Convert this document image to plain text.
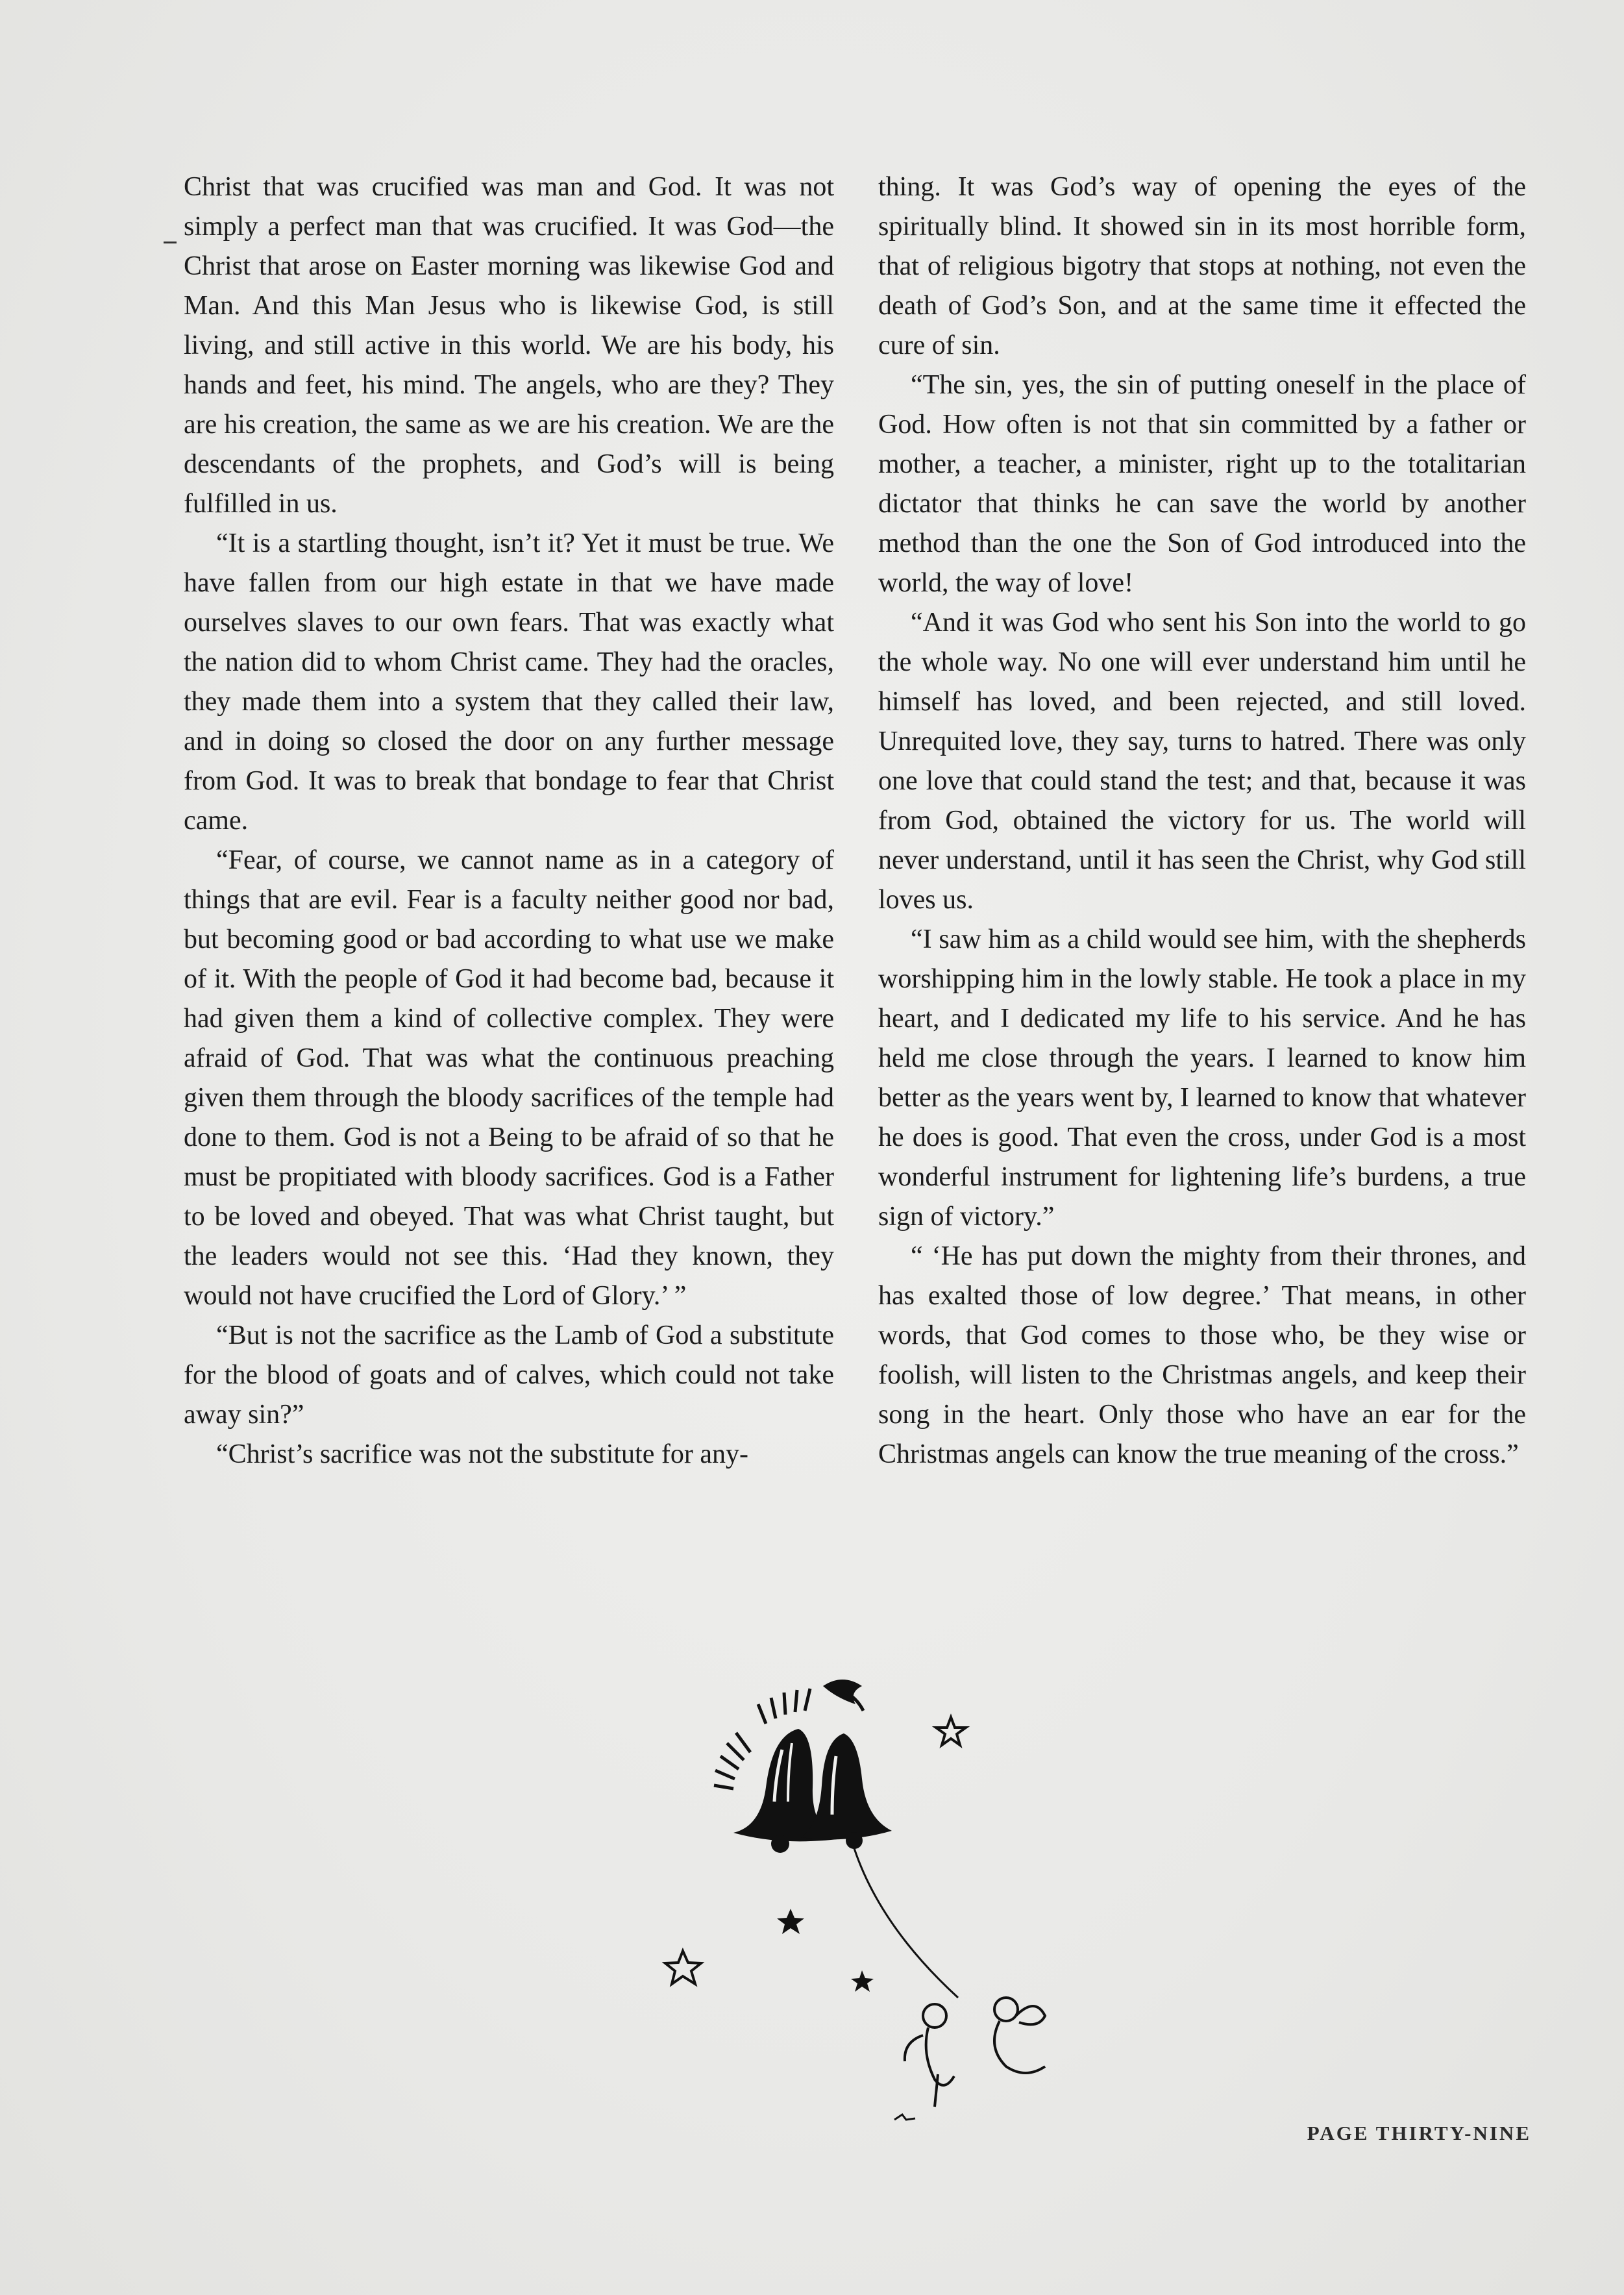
Christ that was crucified was man and God. It was not simply a perfect man that was crucified. It was God—the Christ that arose on Easter morning was likewise God and Man. And this Man Jesus who is likewise God, is still living, and still active in this world. We are his body, his hands and feet, his mind. The angels, who are they? They are his creation, the same as we are his creation. We are the descendants of the prophets, and God’s will is being fulfilled in us.

“It is a startling thought, isn’t it? Yet it must be true. We have fallen from our high estate in that we have made ourselves slaves to our own fears. That was exactly what the nation did to whom Christ came. They had the oracles, they made them into a system that they called their law, and in doing so closed the door on any further message from God. It was to break that bondage to fear that Christ came.

“Fear, of course, we cannot name as in a category of things that are evil. Fear is a faculty neither good nor bad, but becoming good or bad according to what use we make of it. With the people of God it had become bad, because it had given them a kind of collective complex. They were afraid of God. That was what the continuous preaching given them through the bloody sacrifices of the temple had done to them. God is not a Being to be afraid of so that he must be propitiated with bloody sacrifices. God is a Father to be loved and obeyed. That was what Christ taught, but the leaders would not see this. ‘Had they known, they would not have crucified the Lord of Glory.’ ”

“But is not the sacrifice as the Lamb of God a substitute for the blood of goats and of calves, which could not take away sin?”

“Christ’s sacrifice was not the substitute for any-

thing. It was God’s way of opening the eyes of the spiritually blind. It showed sin in its most horrible form, that of religious bigotry that stops at nothing, not even the death of God’s Son, and at the same time it effected the cure of sin.

“The sin, yes, the sin of putting oneself in the place of God. How often is not that sin committed by a father or mother, a teacher, a minister, right up to the totalitarian dictator that thinks he can save the world by another method than the one the Son of God introduced into the world, the way of love!

“And it was God who sent his Son into the world to go the whole way. No one will ever understand him until he himself has loved, and been rejected, and still loved. Unrequited love, they say, turns to hatred. There was only one love that could stand the test; and that, because it was from God, obtained the victory for us. The world will never understand, until it has seen the Christ, why God still loves us.

“I saw him as a child would see him, with the shepherds worshipping him in the lowly stable. He took a place in my heart, and I dedicated my life to his service. And he has held me close through the years. I learned to know him better as the years went by, I learned to know that whatever he does is good. That even the cross, under God is a most wonderful instrument for lightening life’s burdens, a true sign of victory.”

“ ‘He has put down the mighty from their thrones, and has exalted those of low degree.’ That means, in other words, that God comes to those who, be they wise or foolish, will listen to the Christmas angels, and keep their song in the heart. Only those who have an ear for the Christmas angels can know the true meaning of the cross.”

PAGE THIRTY-NINE
